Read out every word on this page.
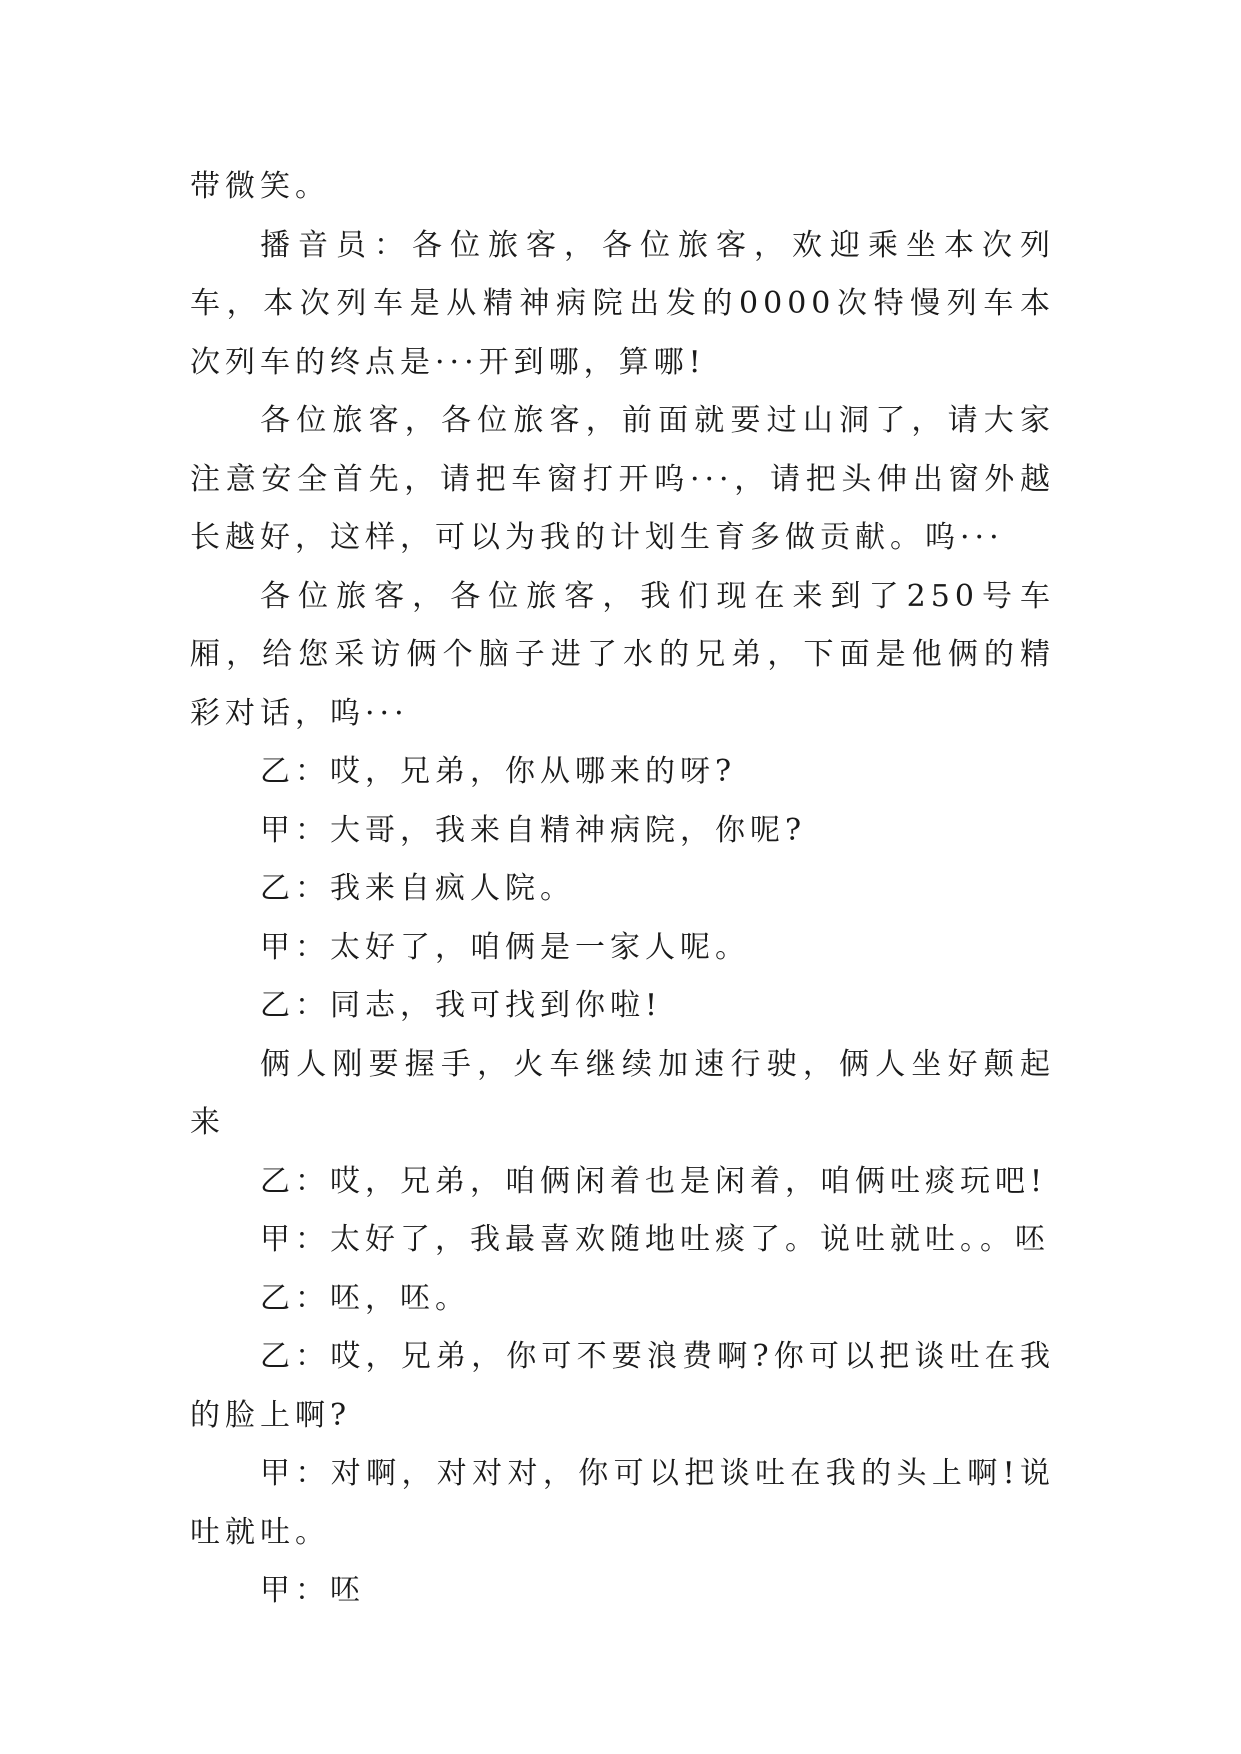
带微笑。

播音员：各位旅客，各位旅客，欢迎乘坐本次列车，本次列车是从精神病院出发的0000次特慢列车本次列车的终点是···开到哪，算哪!

各位旅客，各位旅客，前面就要过山洞了，请大家注意安全首先，请把车窗打开呜···，请把头伸出窗外越长越好，这样，可以为我的计划生育多做贡献。呜···

各位旅客，各位旅客，我们现在来到了250号车厢，给您采访俩个脑子进了水的兄弟，下面是他俩的精彩对话，呜···

乙：哎，兄弟，你从哪来的呀?

甲：大哥，我来自精神病院，你呢?

乙：我来自疯人院。

甲：太好了，咱俩是一家人呢。

乙：同志，我可找到你啦!

俩人刚要握手，火车继续加速行驶，俩人坐好颠起来

乙：哎，兄弟，咱俩闲着也是闲着，咱俩吐痰玩吧!

甲：太好了，我最喜欢随地吐痰了。说吐就吐。。呸

乙：呸，呸。

乙：哎，兄弟，你可不要浪费啊?你可以把谈吐在我的脸上啊?

甲：对啊，对对对，你可以把谈吐在我的头上啊!说吐就吐。

甲：呸
